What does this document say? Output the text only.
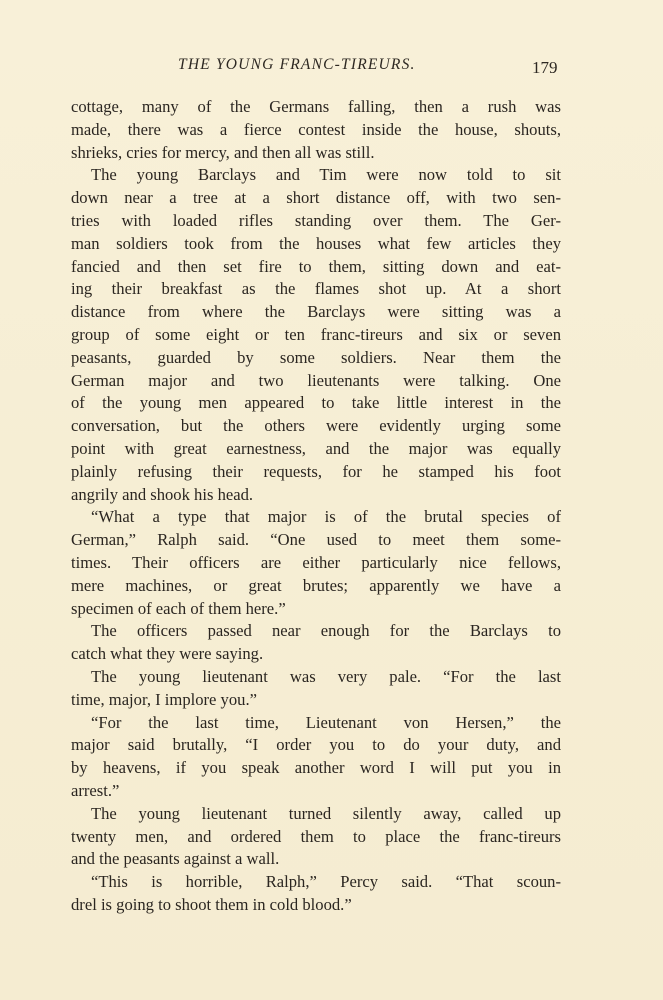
THE YOUNG FRANC-TIREURS.	179
cottage, many of the Germans falling, then a rush was
made, there was a fierce contest inside the house, shouts,
shrieks, cries for mercy, and then all was still.
The young Barclays and Tim were now told to sit
down near a tree at a short distance off, with two sen-
tries with loaded rifles standing over them. The Ger-
man soldiers took from the houses what few articles they
fancied and then set fire to them, sitting down and eat-
ing their breakfast as the flames shot up. At a short
distance from where the Barclays were sitting was a
group of some eight or ten franc-tireurs and six or seven
peasants, guarded by some soldiers. Near them the
German major and two lieutenants were talking. One
of the young men appeared to take little interest in the
conversation, but the others were evidently urging some
point with great earnestness, and the major was equally
plainly refusing their requests, for he stamped his foot
angrily and shook his head.
“What a type that major is of the brutal species of
German,” Ralph said. “One used to meet them some-
times. Their officers are either particularly nice fellows,
mere machines, or great brutes; apparently we have a
specimen of each of them here.”
The officers passed near enough for the Barclays to
catch what they were saying.
The young lieutenant was very pale. “For the last
time, major, I implore you.”
“For the last time, Lieutenant von Hersen,” the
major said brutally, “I order you to do your duty, and
by heavens, if you speak another word I will put you in
arrest.”
The young lieutenant turned silently away, called up
twenty men, and ordered them to place the franc-tireurs
and the peasants against a wall.
“This is horrible, Ralph,” Percy said. “That scoun-
drel is going to shoot them in cold blood.”
